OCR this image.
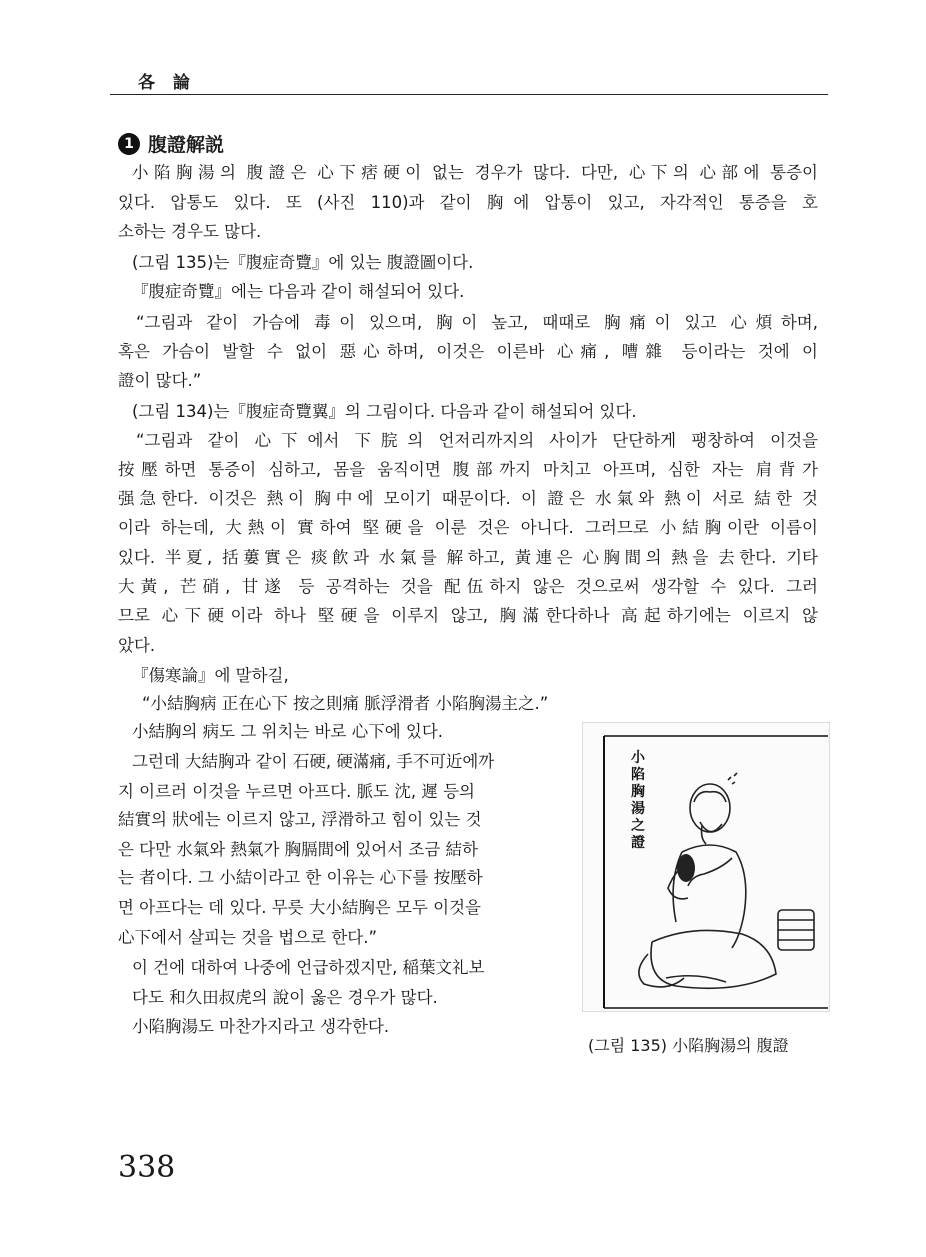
各 論
1 腹證解説
小陷胸湯의 腹證은 心下痞硬이 없는 경우가 많다. 다만, 心下의 心部에 통증이
있다. 압통도 있다. 또 (사진 110)과 같이 胸에 압통이 있고, 자각적인 통증을 호
소하는 경우도 많다.
(그림 135)는『腹症奇覽』에 있는 腹證圖이다.
『腹症奇覽』에는 다음과 같이 해설되어 있다.
“그림과 같이 가슴에 毒이 있으며, 胸이 높고, 때때로 胸痛이 있고 心煩하며,
혹은 가슴이 발할 수 없이 惡心하며, 이것은 이른바 心痛, 嘈雜 등이라는 것에 이
證이 많다.”
(그림 134)는『腹症奇覽翼』의 그림이다. 다음과 같이 해설되어 있다.
“그림과 같이 心下에서 下脘의 언저리까지의 사이가 단단하게 팽창하여 이것을
按壓하면 통증이 심하고, 몸을 움직이면 腹部까지 마치고 아프며, 심한 자는 肩背가
强急한다. 이것은 熱이 胸中에 모이기 때문이다. 이 證은 水氣와 熱이 서로 結한 것
이라 하는데, 大熱이 實하여 堅硬을 이룬 것은 아니다. 그러므로 小結胸이란 이름이
있다. 半夏, 括蔞實은 痰飮과 水氣를 解하고, 黃連은 心胸間의 熱을 去한다. 기타
大黃, 芒硝, 甘遂 등 공격하는 것을 配伍하지 않은 것으로써 생각할 수 있다. 그러
므로 心下硬이라 하나 堅硬을 이루지 않고, 胸滿한다하나 高起하기에는 이르지 않
았다.
『傷寒論』에 말하길,
“小結胸病 正在心下 按之則痛 脈浮滑者 小陷胸湯主之.”
小結胸의 病도 그 위치는 바로 心下에 있다.
그런데 大結胸과 같이 石硬, 硬滿痛, 手不可近에까
지 이르러 이것을 누르면 아프다. 脈도 沈, 遲 등의
結實의 狀에는 이르지 않고, 浮滑하고 힘이 있는 것
은 다만 水氣와 熱氣가 胸膈間에 있어서 조금 結하
는 者이다. 그 小結이라고 한 이유는 心下를 按壓하
면 아프다는 데 있다. 무릇 大小結胸은 모두 이것을
心下에서 살피는 것을 법으로 한다.”
이 건에 대하여 나중에 언급하겠지만, 稲葉文礼보
다도 和久田叔虎의 說이 옳은 경우가 많다.
小陷胸湯도 마찬가지라고 생각한다.
小
陷
胸
湯
之
證
(그림 135) 小陷胸湯의 腹證
338
